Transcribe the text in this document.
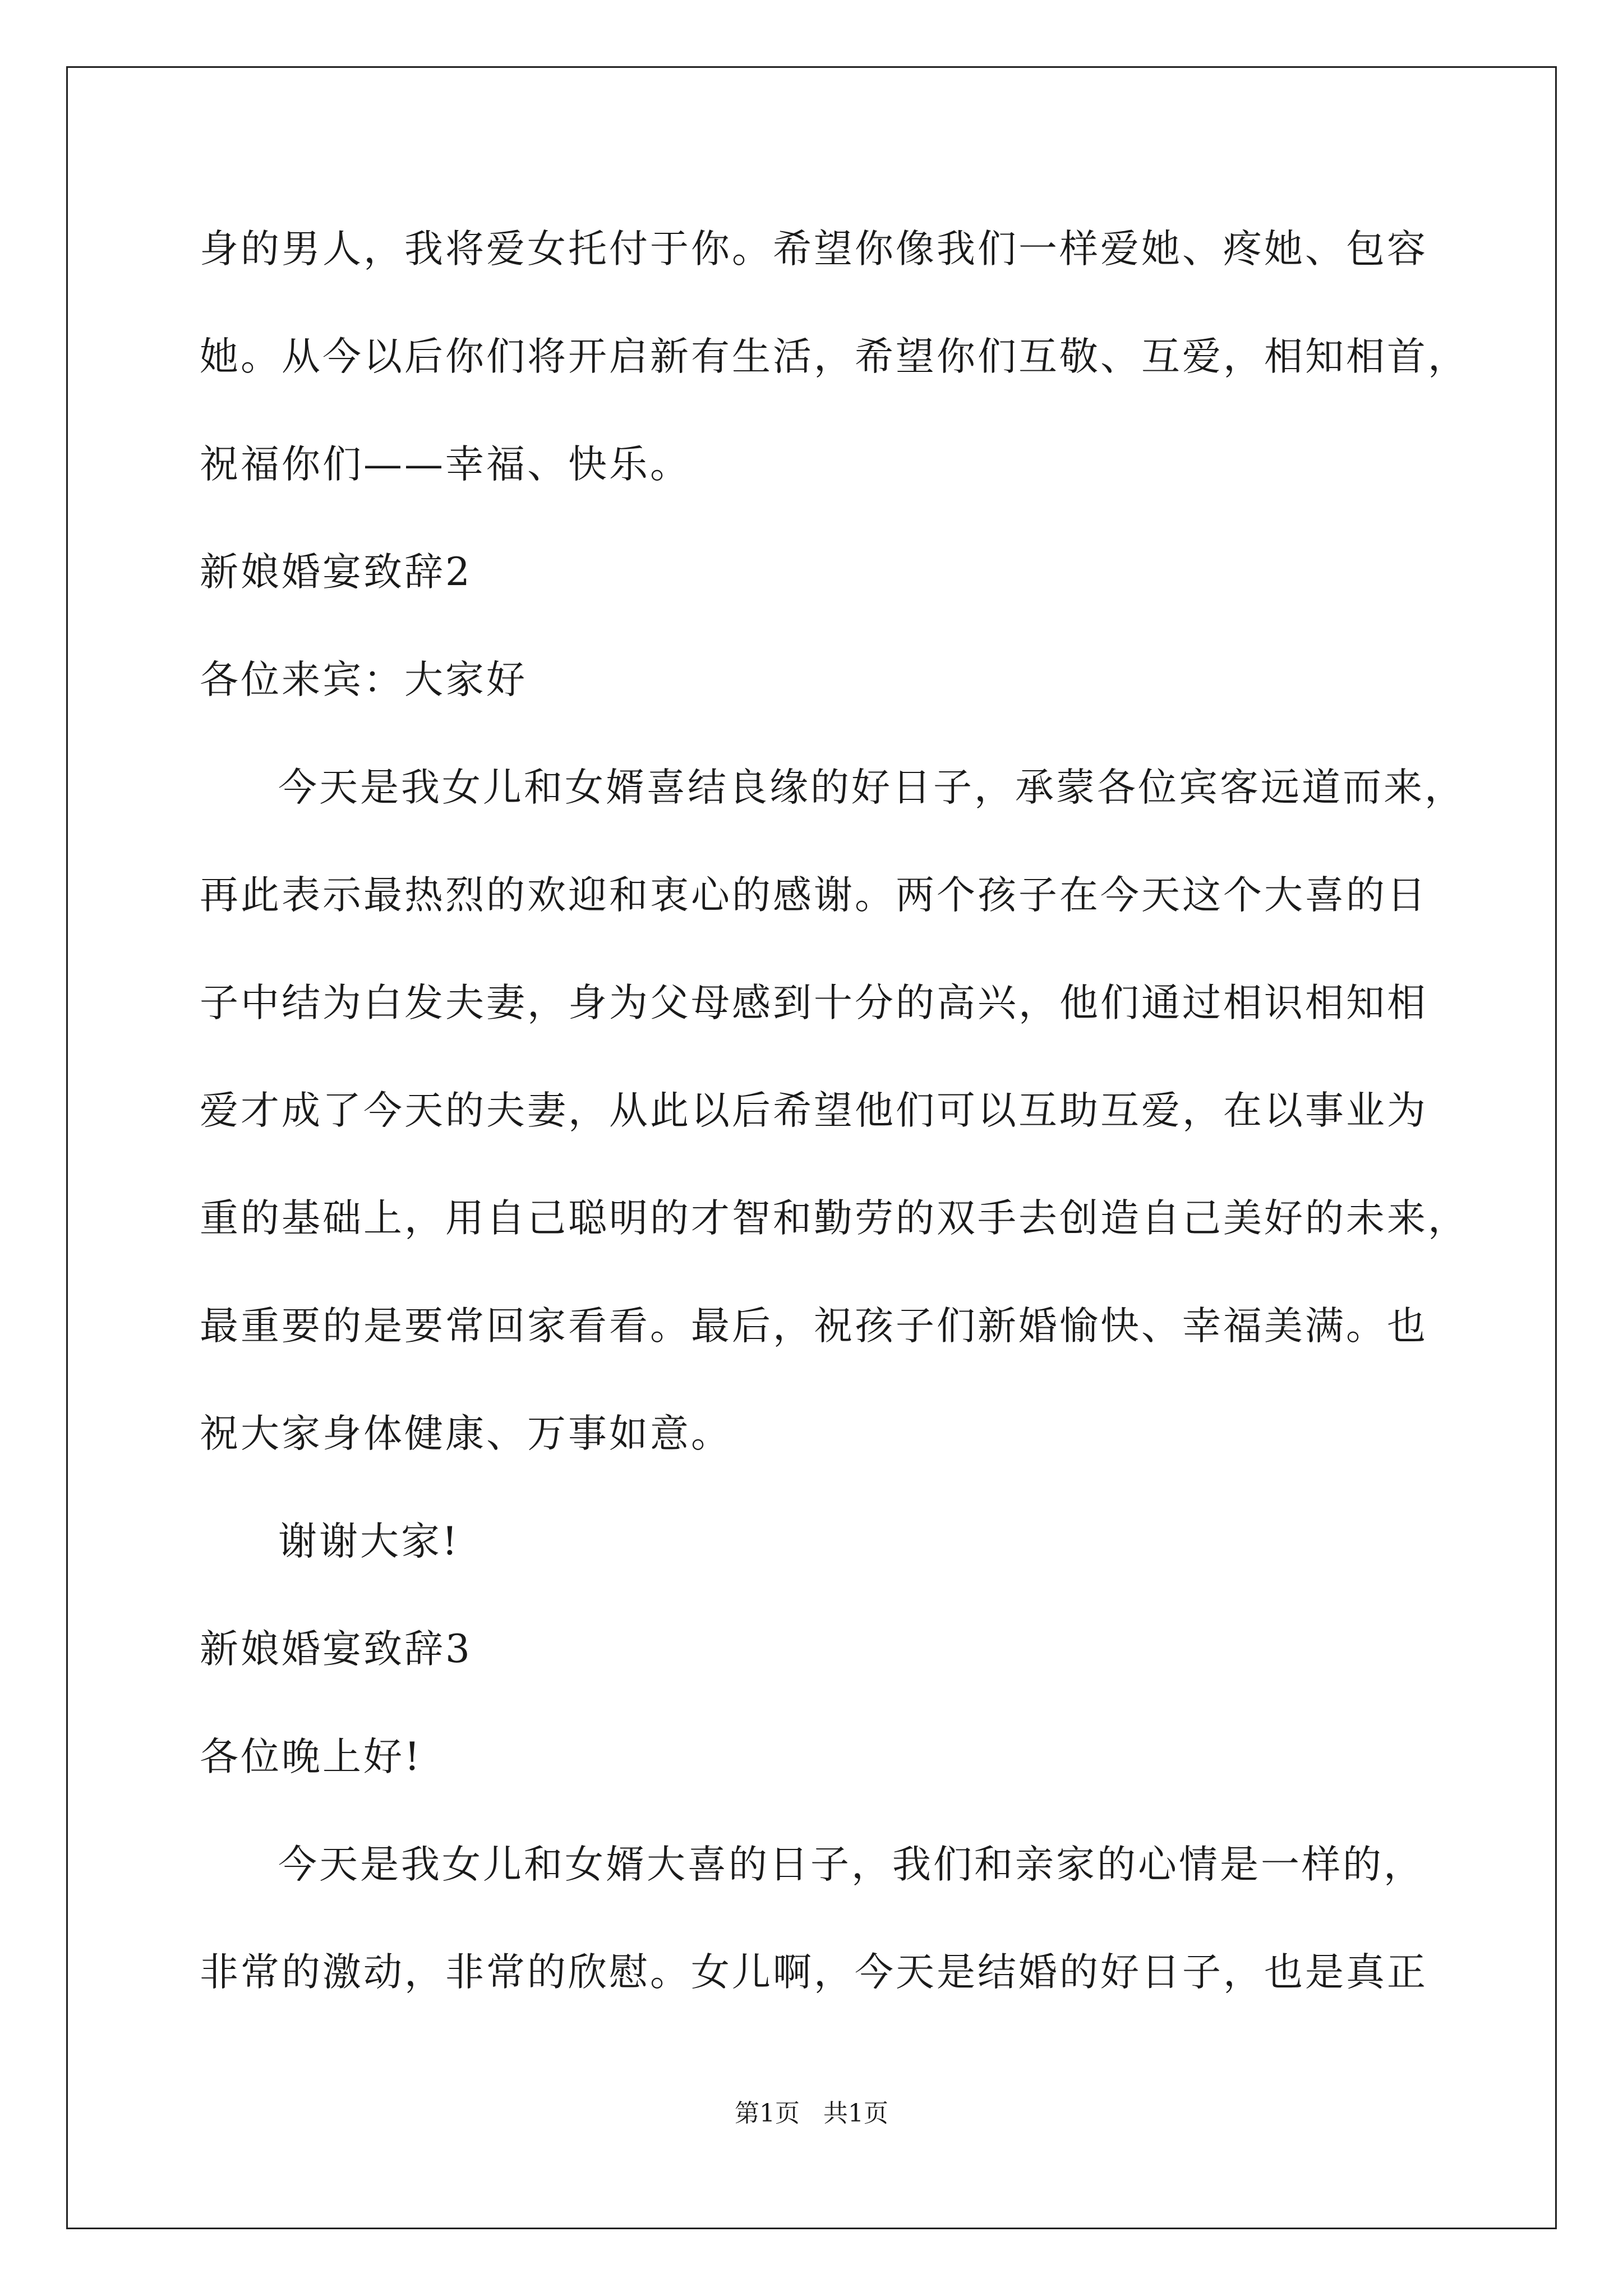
身的男人，我将爱女托付于你。希望你像我们一样爱她、疼她、包容
她。从今以后你们将开启新有生活，希望你们互敬、互爱，相知相首，
祝福你们——幸福、快乐。
新娘婚宴致辞2
各位来宾：大家好
今天是我女儿和女婿喜结良缘的好日子，承蒙各位宾客远道而来，
再此表示最热烈的欢迎和衷心的感谢。两个孩子在今天这个大喜的日
子中结为白发夫妻，身为父母感到十分的高兴，他们通过相识相知相
爱才成了今天的夫妻，从此以后希望他们可以互助互爱，在以事业为
重的基础上，用自己聪明的才智和勤劳的双手去创造自己美好的未来，
最重要的是要常回家看看。最后，祝孩子们新婚愉快、幸福美满。也
祝大家身体健康、万事如意。
谢谢大家!
新娘婚宴致辞3
各位晚上好!
今天是我女儿和女婿大喜的日子，我们和亲家的心情是一样的，
非常的激动，非常的欣慰。女儿啊，今天是结婚的好日子，也是真正
第1页 共1页
